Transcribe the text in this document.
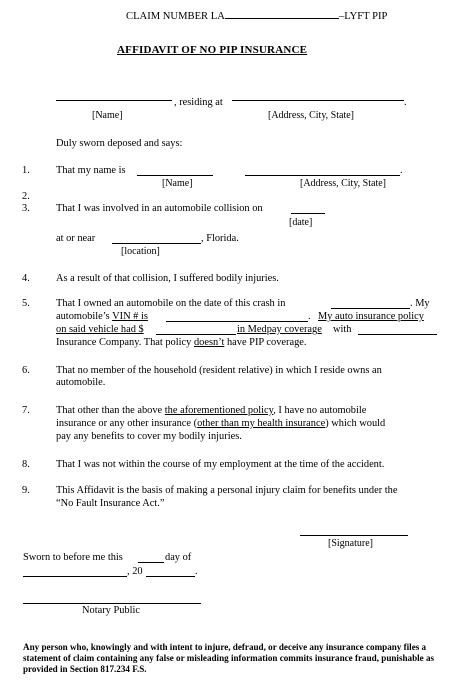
CLAIM NUMBER LA	–LYFT PIP
AFFIDAVIT OF NO PIP INSURANCE
, residing at	.
[Name]	[Address, City, State]
Duly sworn deposed and says:
1.	That my name is	.
[Name]	[Address, City, State]
2.
3.	That I was involved in an automobile collision on
[date]
at or near	, Florida.
[location]
4.	As a result of that collision, I suffered bodily injuries.
5.	That I owned an automobile on the date of this crash in	. My
automobile’s VIN # is	. My auto insurance policy
on said vehicle had $	in Medpay coverage with
Insurance Company. That policy doesn’t have PIP coverage.
6.	That no member of the household (resident relative) in which I reside owns an
automobile.
7.	That other than the above the aforementioned policy, I have no automobile
insurance or any other insurance (other than my health insurance) which would
pay any benefits to cover my bodily injuries.
8.	That I was not within the course of my employment at the time of the accident.
9.	This Affidavit is the basis of making a personal injury claim for benefits under the
“No Fault Insurance Act.”
[Signature]
Sworn to before me this	day of
, 20	.
Notary Public
Any person who, knowingly and with intent to injure, defraud, or deceive any insurance company files a statement of claim containing any false or misleading information commits insurance fraud, punishable as provided in Section 817.234 F.S.
